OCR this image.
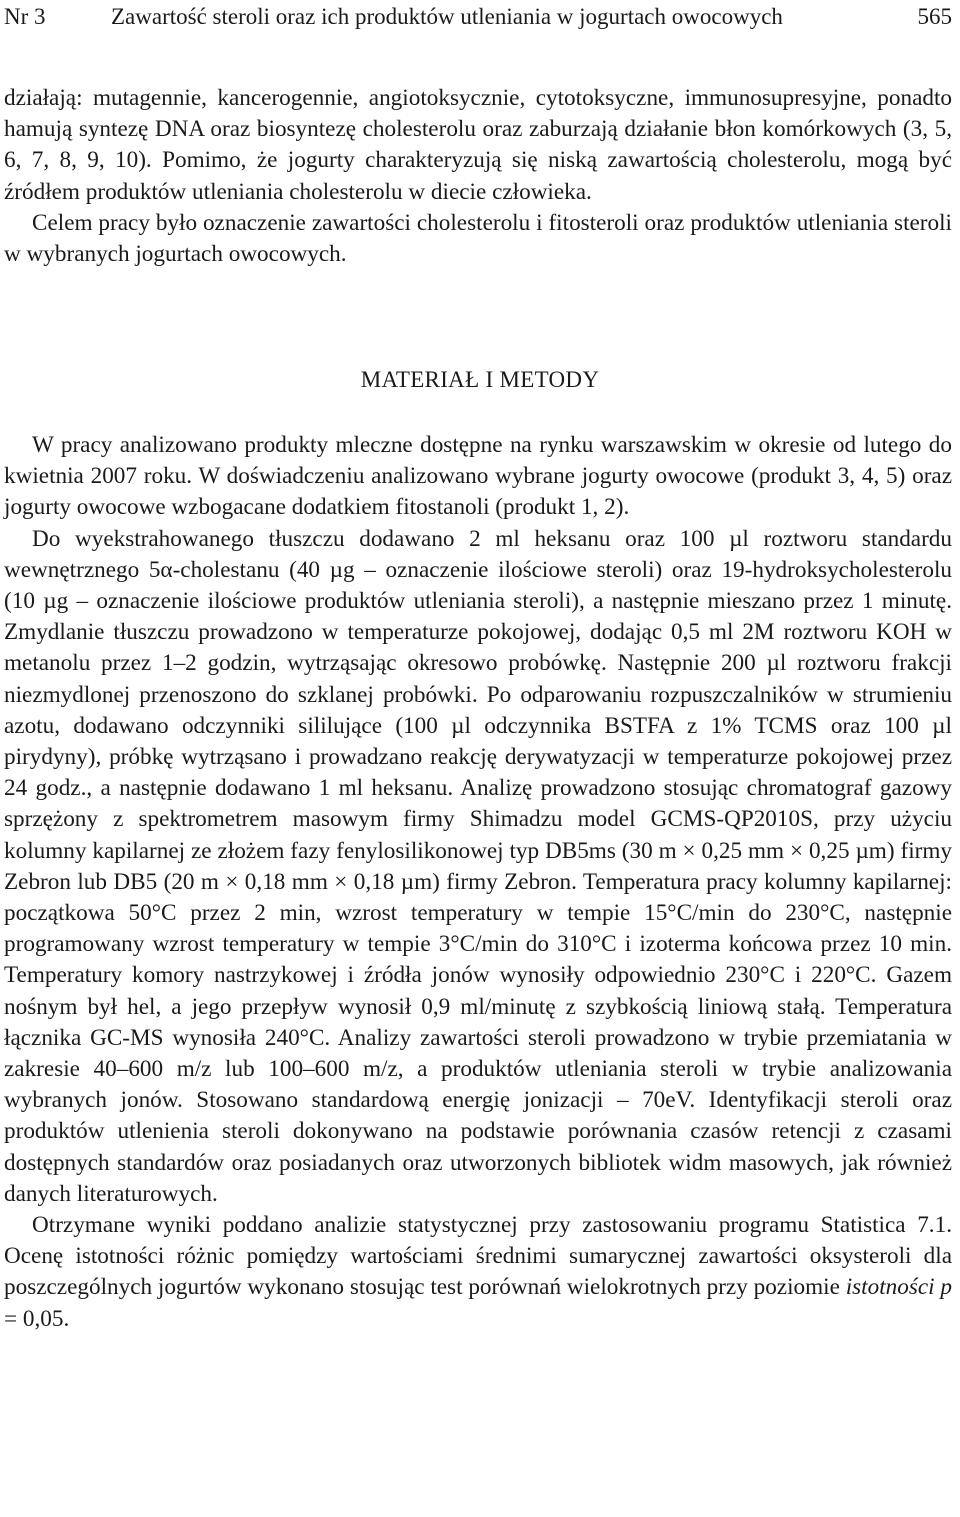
Nr 3	Zawartość steroli oraz ich produktów utleniania w jogurtach owocowych	565

działają: mutagennie, kancerogennie, angiotoksycznie, cytotoksyczne, immunosupresyjne, ponadto hamują syntezę DNA oraz biosyntezę cholesterolu oraz zaburzają działanie błon komórkowych (3, 5, 6, 7, 8, 9, 10). Pomimo, że jogurty charakteryzują się niską zawartością cholesterolu, mogą być źródłem produktów utleniania cholesterolu w diecie człowieka.

Celem pracy było oznaczenie zawartości cholesterolu i fitosteroli oraz produktów utleniania steroli w wybranych jogurtach owocowych.

MATERIAŁ I METODY

W pracy analizowano produkty mleczne dostępne na rynku warszawskim w okresie od lutego do kwietnia 2007 roku. W doświadczeniu analizowano wybrane jogurty owocowe (produkt 3, 4, 5) oraz jogurty owocowe wzbogacane dodatkiem fitostanoli (produkt 1, 2).

Do wyekstrahowanego tłuszczu dodawano 2 ml heksanu oraz 100 µl roztworu standardu wewnętrznego 5α-cholestanu (40 µg – oznaczenie ilościowe steroli) oraz 19-hydroksycholesterolu (10 µg – oznaczenie ilościowe produktów utleniania steroli), a następnie mieszano przez 1 minutę. Zmydlanie tłuszczu prowadzono w temperaturze pokojowej, dodając 0,5 ml 2M roztworu KOH w metanolu przez 1–2 godzin, wytrząsając okresowo probówkę. Następnie 200 µl roztworu frakcji niezmydlonej przenoszono do szklanej probówki. Po odparowaniu rozpuszczalników w strumieniu azotu, dodawano odczynniki sililujące (100 µl odczynnika BSTFA z 1% TCMS oraz 100 µl pirydyny), próbkę wytrząsano i prowadzano reakcję derywatyzacji w temperaturze pokojowej przez 24 godz., a następnie dodawano 1 ml heksanu. Analizę prowadzono stosując chromatograf gazowy sprzężony z spektrometrem masowym firmy Shimadzu model GCMS-QP2010S, przy użyciu kolumny kapilarnej ze złożem fazy fenylosilikonowej typ DB5ms (30 m × 0,25 mm × 0,25 µm) firmy Zebron lub DB5 (20 m × 0,18 mm × 0,18 µm) firmy Zebron. Temperatura pracy kolumny kapilarnej: początkowa 50°C przez 2 min, wzrost temperatury w tempie 15°C/min do 230°C, następnie programowany wzrost temperatury w tempie 3°C/min do 310°C i izoterma końcowa przez 10 min. Temperatury komory nastrzykowej i źródła jonów wynosiły odpowiednio 230°C i 220°C. Gazem nośnym był hel, a jego przepływ wynosił 0,9 ml/minutę z szybkością liniową stałą. Temperatura łącznika GC-MS wynosiła 240°C. Analizy zawartości steroli prowadzono w trybie przemiatania w zakresie 40–600 m/z lub 100–600 m/z, a produktów utleniania steroli w trybie analizowania wybranych jonów. Stosowano standardową energię jonizacji – 70eV. Identyfikacji steroli oraz produktów utlenienia steroli dokonywano na podstawie porównania czasów retencji z czasami dostępnych standardów oraz posiadanych oraz utworzonych bibliotek widm masowych, jak również danych literaturowych.

Otrzymane wyniki poddano analizie statystycznej przy zastosowaniu programu Statistica 7.1. Ocenę istotności różnic pomiędzy wartościami średnimi sumarycznej zawartości oksysteroli dla poszczególnych jogurtów wykonano stosując test porównań wielokrotnych przy poziomie istotności p = 0,05.
